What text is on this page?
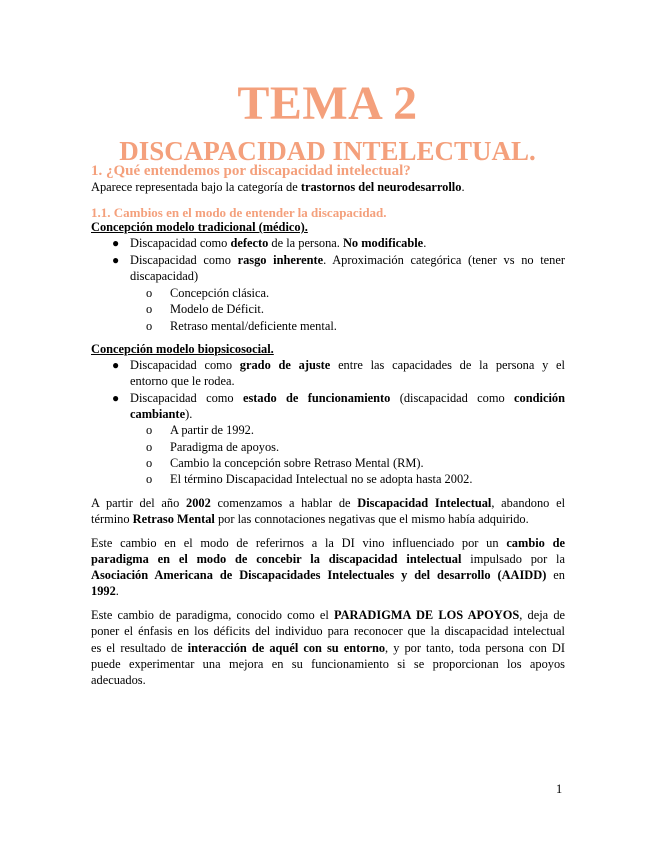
TEMA 2
DISCAPACIDAD INTELECTUAL.
1. ¿Qué entendemos por discapacidad intelectual?
Aparece representada bajo la categoría de trastornos del neurodesarrollo.
1.1. Cambios en el modo de entender la discapacidad.
Concepción modelo tradicional (médico).
● Discapacidad como defecto de la persona. No modificable.
● Discapacidad como rasgo inherente. Aproximación categórica (tener vs no tener
discapacidad)
o Concepción clásica.
o Modelo de Déficit.
o Retraso mental/deficiente mental.
Concepción modelo biopsicosocial.
● Discapacidad como grado de ajuste entre las capacidades de la persona y el
entorno que le rodea.
● Discapacidad como estado de funcionamiento (discapacidad como condición
cambiante).
o A partir de 1992.
o Paradigma de apoyos.
o Cambio la concepción sobre Retraso Mental (RM).
o El término Discapacidad Intelectual no se adopta hasta 2002.
A partir del año 2002 comenzamos a hablar de Discapacidad Intelectual, abandono el
término Retraso Mental por las connotaciones negativas que el mismo había adquirido.
Este cambio en el modo de referirnos a la DI vino influenciado por un cambio de
paradigma en el modo de concebir la discapacidad intelectual impulsado por la
Asociación Americana de Discapacidades Intelectuales y del desarrollo (AAIDD) en
1992.
Este cambio de paradigma, conocido como el PARADIGMA DE LOS APOYOS, deja de
poner el énfasis en los déficits del individuo para reconocer que la discapacidad intelectual
es el resultado de interacción de aquél con su entorno, y por tanto, toda persona con DI
puede experimentar una mejora en su funcionamiento si se proporcionan los apoyos
adecuados.
1
